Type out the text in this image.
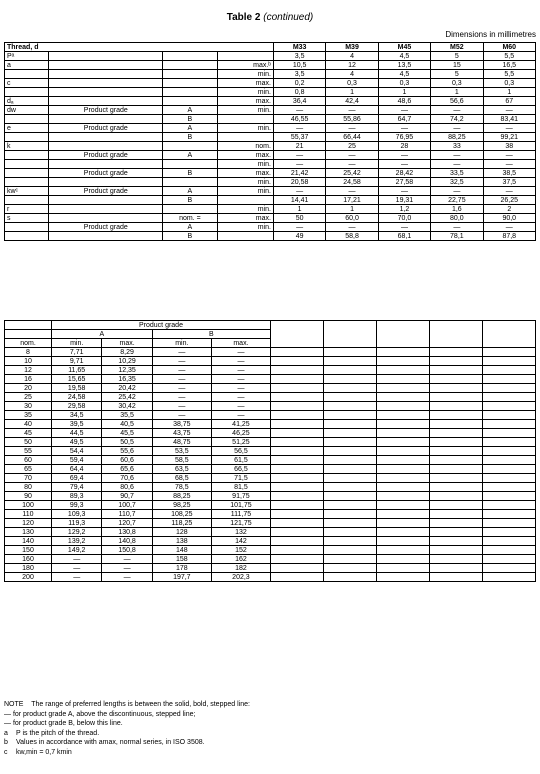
Table 2 (continued)
Dimensions in millimetres
Thread, d				M33	M39	M45	M52	M60
Pᵃ				3,5	4	4,5	5	5,5
a			max.ᵇ	10,5	12	13,5	15	16,5
			min.	3,5	4	4,5	5	5,5
c			max.	0,2	0,3	0,3	0,3	0,3
			min.	0,8	1	1	1	1
dₐ			max.	36,4	42,4	48,6	56,6	67
dw	Product grade	A	min.	—	—	—	—	—
		B		46,55	55,86	64,7	74,2	83,41
e	Product grade	A	min.	—	—	—	—	—
		B		55,37	66,44	76,95	88,25	99,21
k			nom.	21	25	28	33	38
	Product grade	A	max.	—	—	—	—	—
			min.	—	—	—	—	—
	Product grade	B	max.	21,42	25,42	28,42	33,5	38,5
			min.	20,58	24,58	27,58	32,5	37,5
kwᶜ	Product grade	A	min.	—	—	—	—	—
		B		14,41	17,21	19,31	22,75	26,25
r			min.	1	1	1,2	1,6	2
s		nom. =	max.	50	60,0	70,0	80,0	90,0
	Product grade	A	min.	—	—	—	—	—
		B		49	58,8	68,1	78,1	87,8
	Product grade								
	A		B						
nom.	min.	max.	min.	max.					
8	7,71	8,29	—	—					
10	9,71	10,29	—	—					
12	11,65	12,35	—	—					
16	15,65	16,35	—	—					
20	19,58	20,42	—	—					
25	24,58	25,42	—	—					
30	29,58	30,42	—	—					
35	34,5	35,5	—	—					
40	39,5	40,5	38,75	41,25					
45	44,5	45,5	43,75	46,25					
50	49,5	50,5	48,75	51,25					
55	54,4	55,6	53,5	56,5					
60	59,4	60,6	58,5	61,5					
65	64,4	65,6	63,5	66,5					
70	69,4	70,6	68,5	71,5					
80	79,4	80,6	78,5	81,5					
90	89,3	90,7	88,25	91,75					
100	99,3	100,7	98,25	101,75					
110	109,3	110,7	108,25	111,75					
120	119,3	120,7	118,25	121,75					
130	129,2	130,8	128	132					
140	139,2	140,8	138	142					
150	149,2	150,8	148	152					
160	—	—	158	162					
180	—	—	178	182					
200	—	—	197,7	202,3					
NOTE The range of preferred lengths is between the solid, bold, stepped line:
— for product grade A, above the discontinuous, stepped line;
— for product grade B, below this line.
a P is the pitch of the thread.
b Values in accordance with amax, normal series, in ISO 3508.
c kw,min = 0,7 kmin
